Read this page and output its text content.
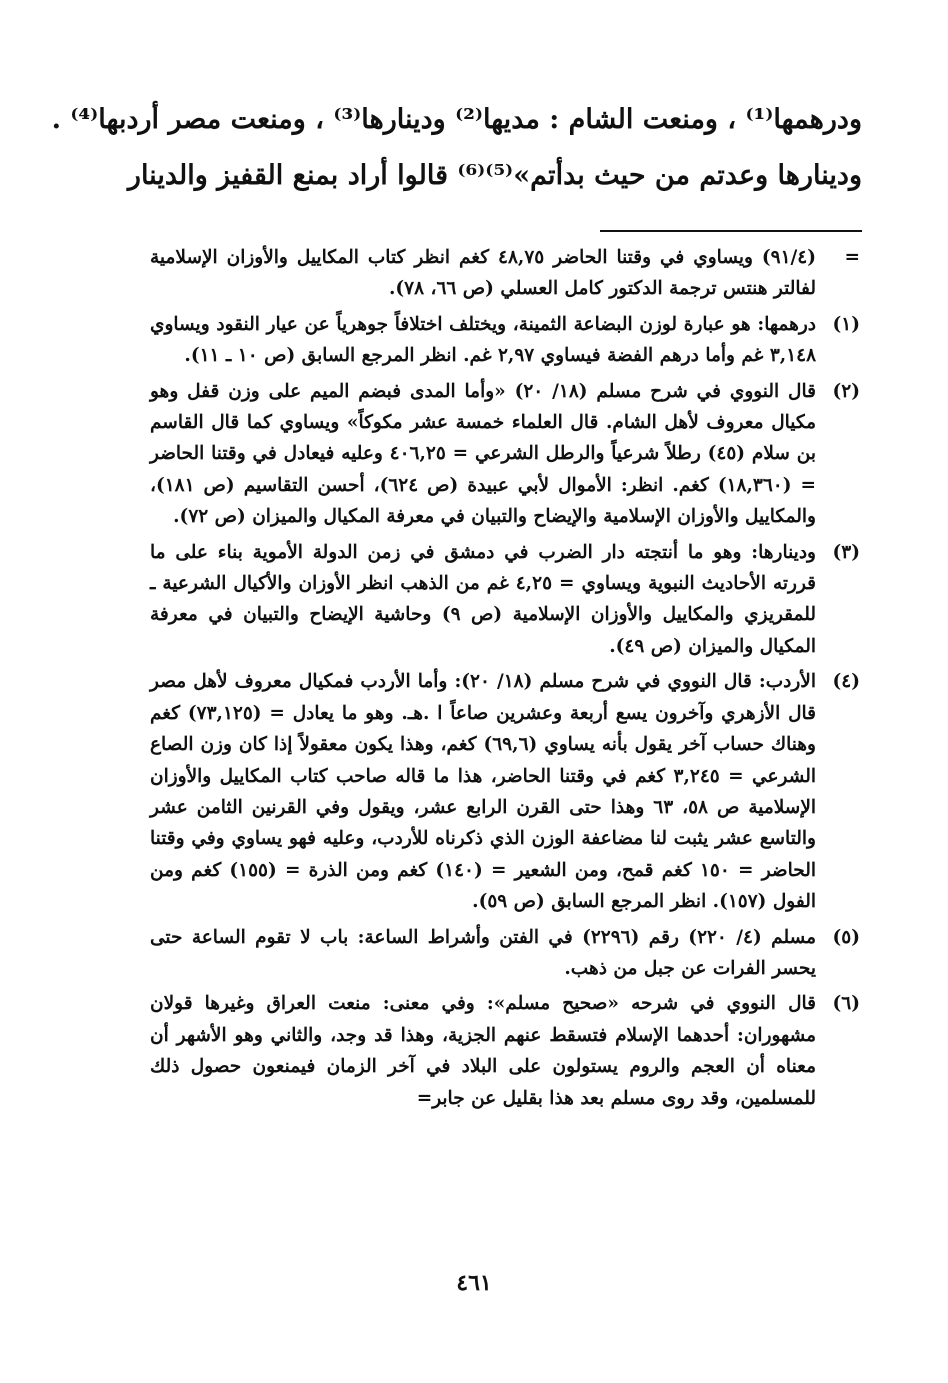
ودرهمها⁽¹⁾ ، ومنعت الشام : مديها⁽²⁾ ودينارها⁽³⁾ ، ومنعت مصر أردبها⁽⁴⁾ .
ودينارها وعدتم من حيث بدأتم»⁽⁵⁾⁽⁶⁾ قالوا أراد بمنع القفيز والدينار
=
(٩١/٤) ويساوي في وقتنا الحاضر ٤٨,٧٥ كغم انظر كتاب المكاييل والأوزان الإسلامية لفالتر هنتس ترجمة الدكتور كامل العسلي (ص ٦٦، ٧٨).
(١)
درهمها: هو عبارة لوزن البضاعة الثمينة، ويختلف اختلافاً جوهرياً عن عيار النقود ويساوي ٣,١٤٨ غم وأما درهم الفضة فيساوي ٢,٩٧ غم. انظر المرجع السابق (ص ١٠ ـ ١١).
(٢)
قال النووي في شرح مسلم (١٨/ ٢٠) «وأما المدى فبضم الميم على وزن قفل وهو مكيال معروف لأهل الشام. قال العلماء خمسة عشر مكوكاً» ويساوي كما قال القاسم بن سلام (٤٥) رطلاً شرعياً والرطل الشرعي = ٤٠٦,٢٥ وعليه فيعادل في وقتنا الحاضر = (١٨,٣٦٠) كغم. انظر: الأموال لأبي عبيدة (ص ٦٢٤)، أحسن التقاسيم (ص ١٨١)، والمكاييل والأوزان الإسلامية والإيضاح والتبيان في معرفة المكيال والميزان (ص ٧٢).
(٣)
ودينارها: وهو ما أنتجته دار الضرب في دمشق في زمن الدولة الأموية بناء على ما قررته الأحاديث النبوية ويساوي = ٤,٢٥ غم من الذهب انظر الأوزان والأكيال الشرعية ـ للمقريزي والمكاييل والأوزان الإسلامية (ص ٩) وحاشية الإيضاح والتبيان في معرفة المكيال والميزان (ص ٤٩).
(٤)
الأردب: قال النووي في شرح مسلم (١٨/ ٢٠): وأما الأردب فمكيال معروف لأهل مصر قال الأزهري وآخرون يسع أربعة وعشرين صاعاً ا .هـ. وهو ما يعادل = (٧٣,١٢٥) كغم وهناك حساب آخر يقول بأنه يساوي (٦٩,٦) كغم، وهذا يكون معقولاً إذا كان وزن الصاع الشرعي = ٣,٢٤٥ كغم في وقتنا الحاضر، هذا ما قاله صاحب كتاب المكاييل والأوزان الإسلامية ص ٥٨، ٦٣ وهذا حتى القرن الرابع عشر، ويقول وفي القرنين الثامن عشر والتاسع عشر يثبت لنا مضاعفة الوزن الذي ذكرناه للأردب، وعليه فهو يساوي وفي وقتنا الحاضر = ١٥٠ كغم قمح، ومن الشعير = (١٤٠) كغم ومن الذرة = (١٥٥) كغم ومن الفول (١٥٧). انظر المرجع السابق (ص ٥٩).
(٥)
مسلم (٤/ ٢٢٠) رقم (٢٢٩٦) في الفتن وأشراط الساعة: باب لا تقوم الساعة حتى يحسر الفرات عن جبل من ذهب.
(٦)
قال النووي في شرحه «صحيح مسلم»: وفي معنى: منعت العراق وغيرها قولان مشهوران: أحدهما الإسلام فتسقط عنهم الجزية، وهذا قد وجد، والثاني وهو الأشهر أن معناه أن العجم والروم يستولون على البلاد في آخر الزمان فيمنعون حصول ذلك للمسلمين، وقد روى مسلم بعد هذا بقليل عن جابر=
٤٦١
